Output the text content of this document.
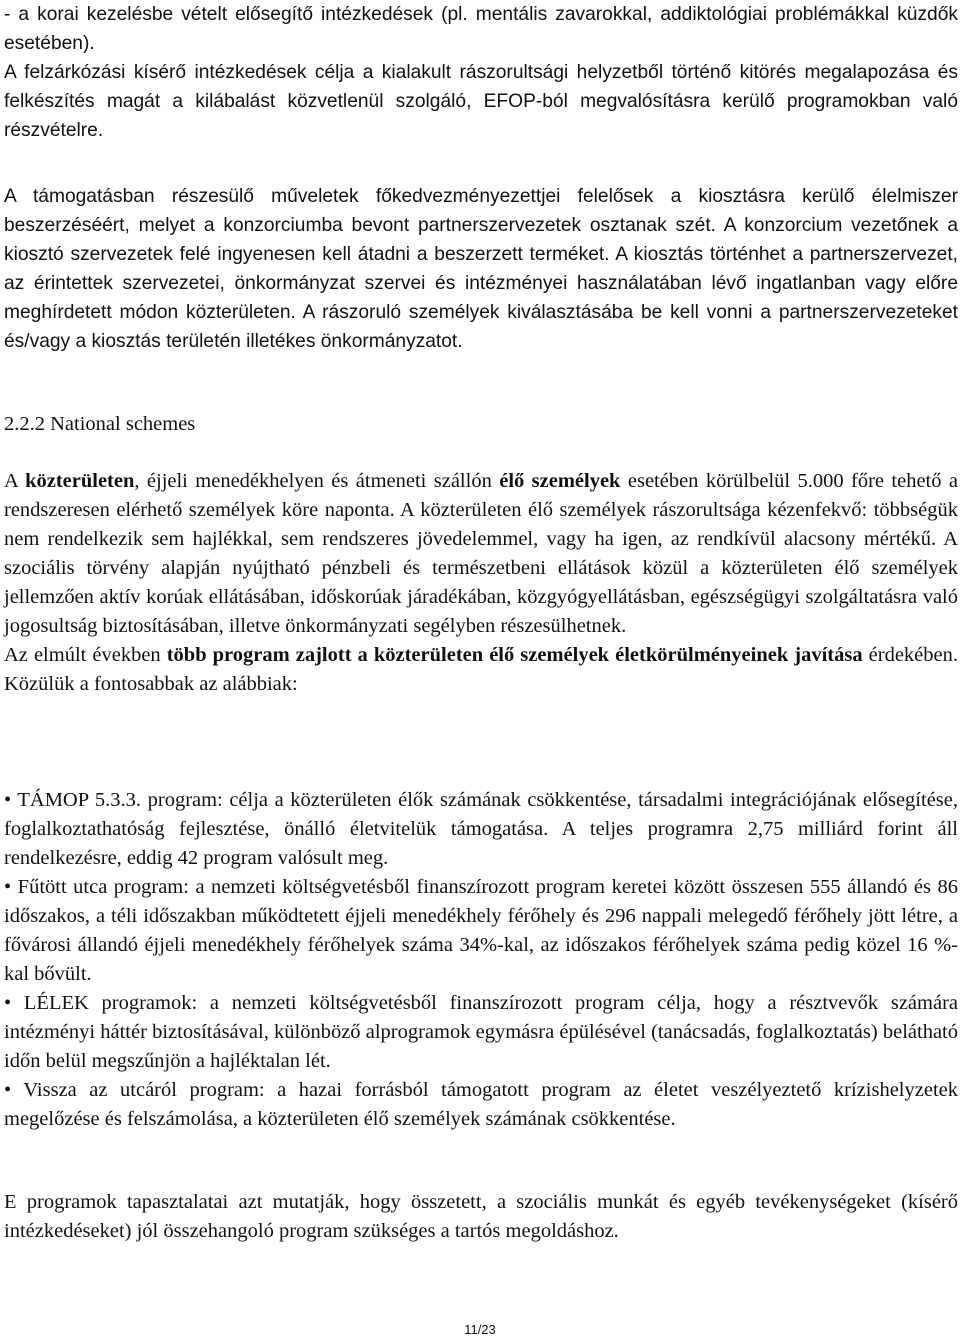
- a korai kezelésbe vételt elősegítő intézkedések (pl. mentális zavarokkal, addiktológiai problémákkal küzdők esetében).

A felzárkózási kísérő intézkedések célja a kialakult rászorultsági helyzetből történő kitörés megalapozása és felkészítés magát a kilábalást közvetlenül szolgáló, EFOP-ból megvalósításra kerülő programokban való részvételre.

A támogatásban részesülő műveletek főkedvezményezettjei felelősek a kiosztásra kerülő élelmiszer beszerzéséért, melyet a konzorciumba bevont partnerszervezetek osztanak szét. A konzorcium vezetőnek a kiosztó szervezetek felé ingyenesen kell átadni a beszerzett terméket. A kiosztás történhet a partnerszervezet, az érintettek szervezetei, önkormányzat szervei és intézményei használatában lévő ingatlanban vagy előre meghírdetett módon közterületen. A rászoruló személyek kiválasztásába be kell vonni a partnerszervezeteket és/vagy a kiosztás területén illetékes önkormányzatot.

2.2.2 National schemes

A közterületen, éjjeli menedékhelyen és átmeneti szállón élő személyek esetében körülbelül 5.000 főre tehető a rendszeresen elérhető személyek köre naponta. A közterületen élő személyek rászorultsága kézenfekvő: többségük nem rendelkezik sem hajlékkal, sem rendszeres jövedelemmel, vagy ha igen, az rendkívül alacsony mértékű. A szociális törvény alapján nyújtható pénzbeli és természetbeni ellátások közül a közterületen élő személyek jellemzően aktív korúak ellátásában, időskorúak járadékában, közgyógyellátásban, egészségügyi szolgáltatásra való jogosultság biztosításában, illetve önkormányzati segélyben részesülhetnek.

Az elmúlt években több program zajlott a közterületen élő személyek életkörülményeinek javítása érdekében. Közülük a fontosabbak az alábbiak:

• TÁMOP 5.3.3. program: célja a közterületen élők számának csökkentése, társadalmi integrációjának elősegítése, foglalkoztathatóság fejlesztése, önálló életvitelük támogatása. A teljes programra 2,75 milliárd forint áll rendelkezésre, eddig 42 program valósult meg.

• Fűtött utca program: a nemzeti költségvetésből finanszírozott program keretei között összesen 555 állandó és 86 időszakos, a téli időszakban működtetett éjjeli menedékhely férőhely és 296 nappali melegedő férőhely jött létre, a fővárosi állandó éjjeli menedékhely férőhelyek száma 34%-kal, az időszakos férőhelyek száma pedig közel 16 %-kal bővült.

• LÉLEK programok: a nemzeti költségvetésből finanszírozott program célja, hogy a résztvevők számára intézményi háttér biztosításával, különböző alprogramok egymásra épülésével (tanácsadás, foglalkoztatás) belátható időn belül megszűnjön a hajléktalan lét.

• Vissza az utcáról program: a hazai forrásból támogatott program az életet veszélyeztető krízishelyzetek megelőzése és felszámolása, a közterületen élő személyek számának csökkentése.

E programok tapasztalatai azt mutatják, hogy összetett, a szociális munkát és egyéb tevékenységeket (kísérő intézkedéseket) jól összehangoló program szükséges a tartós megoldáshoz.

11/23
